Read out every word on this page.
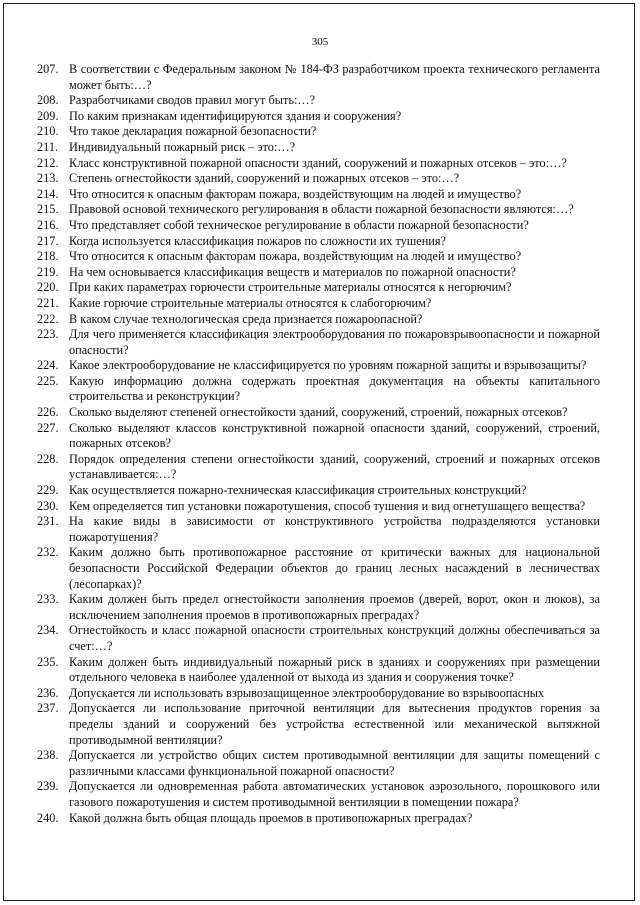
305
207. В соответствии с Федеральным законом № 184-ФЗ разработчиком проекта технического регламента может быть:…?
208. Разработчиками сводов правил могут быть:…?
209. По каким признакам идентифицируются здания и сооружения?
210. Что такое декларация пожарной безопасности?
211. Индивидуальный пожарный риск – это:…?
212. Класс конструктивной пожарной опасности зданий, сооружений и пожарных отсеков – это:…?
213. Степень огнестойкости зданий, сооружений и пожарных отсеков – это:…?
214. Что относится к опасным факторам пожара, воздействующим на людей и имущество?
215. Правовой основой технического регулирования в области пожарной безопасности являются:…?
216. Что представляет собой техническое регулирование в области пожарной безопасности?
217. Когда используется классификация пожаров по сложности их тушения?
218. Что относится к опасным факторам пожара, воздействующим на людей и имущество?
219. На чем основывается классификация веществ и материалов по пожарной опасности?
220. При каких параметрах горючести строительные материалы относятся к негорючим?
221. Какие горючие строительные материалы относятся к слабогорючим?
222. В каком случае технологическая среда признается пожароопасной?
223. Для чего применяется классификация электрооборудования по пожаровзрывоопасности и пожарной опасности?
224. Какое электрооборудование не классифицируется по уровням пожарной защиты и взрывозащиты?
225. Какую информацию должна содержать проектная документация на объекты капитального строительства и реконструкции?
226. Сколько выделяют степеней огнестойкости зданий, сооружений, строений, пожарных отсеков?
227. Сколько выделяют классов конструктивной пожарной опасности зданий, сооружений, строений, пожарных отсеков?
228. Порядок определения степени огнестойкости зданий, сооружений, строений и пожарных отсеков устанавливается:…?
229. Как осуществляется пожарно-техническая классификация строительных конструкций?
230. Кем определяется тип установки пожаротушения, способ тушения и вид огнетушащего вещества?
231. На какие виды в зависимости от конструктивного устройства подразделяются установки пожаротушения?
232. Каким должно быть противопожарное расстояние от критически важных для национальной безопасности Российской Федерации объектов до границ лесных насаждений в лесничествах (лесопарках)?
233. Каким должен быть предел огнестойкости заполнения проемов (дверей, ворот, окон и люков), за исключением заполнения проемов в противопожарных преградах?
234. Огнестойкость и класс пожарной опасности строительных конструкций должны обеспечиваться за счет:…?
235. Каким должен быть индивидуальный пожарный риск в зданиях и сооружениях при размещении отдельного человека в наиболее удаленной от выхода из здания и сооружения точке?
236. Допускается ли использовать взрывозащищенное электрооборудование во взрывоопасных
237. Допускается ли использование приточной вентиляции для вытеснения продуктов горения за пределы зданий и сооружений без устройства естественной или механической вытяжной противодымной вентиляции?
238. Допускается ли устройство общих систем противодымной вентиляции для защиты помещений с различными классами функциональной пожарной опасности?
239. Допускается ли одновременная работа автоматических установок аэрозольного, порошкового или газового пожаротушения и систем противодымной вентиляции в помещении пожара?
240. Какой должна быть общая площадь проемов в противопожарных преградах?
